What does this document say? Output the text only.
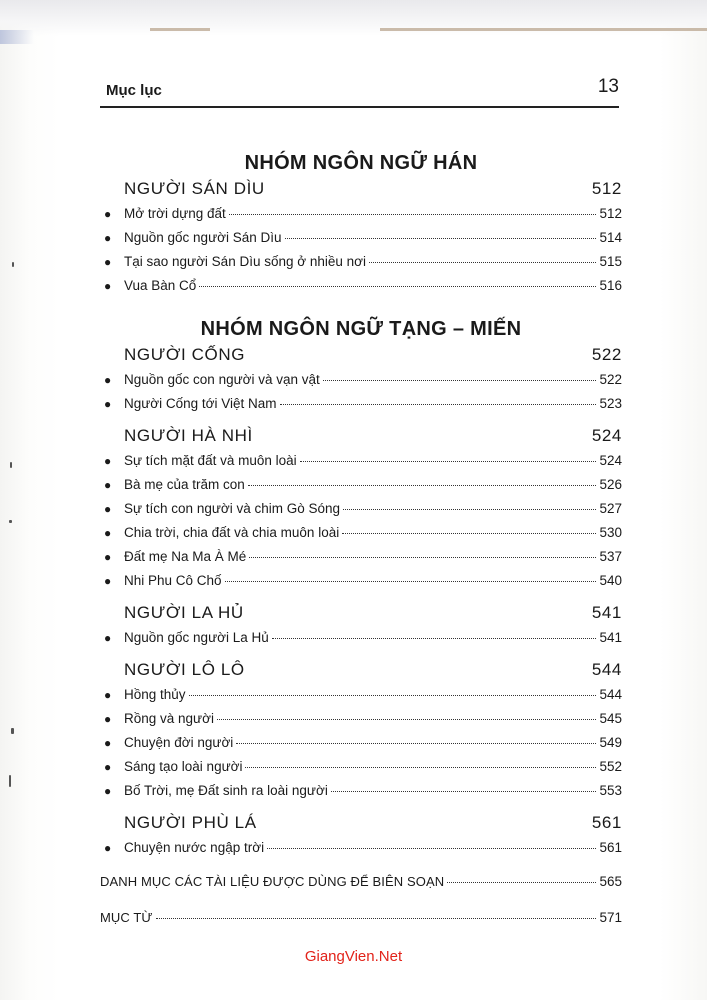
Mục lục	13
NHÓM NGÔN NGỮ HÁN
NGƯỜI SÁN DÌU	512
● Mở trời dựng đất	512
● Nguồn gốc người Sán Dìu	514
● Tại sao người Sán Dìu sống ở nhiều nơi	515
● Vua Bàn Cổ	516
NHÓM NGÔN NGỮ TẠNG – MIẾN
NGƯỜI CỐNG	522
● Nguồn gốc con người và vạn vật	522
● Người Cống tới Việt Nam	523
NGƯỜI HÀ NHÌ	524
● Sự tích mặt đất và muôn loài	524
● Bà mẹ của trăm con	526
● Sự tích con người và chim Gò Sóng	527
● Chia trời, chia đất và chia muôn loài	530
● Đất mẹ Na Ma À Mé	537
● Nhi Phu Cô Chố	540
NGƯỜI LA HỦ	541
● Nguồn gốc người La Hủ	541
NGƯỜI LÔ LÔ	544
● Hồng thủy	544
● Rồng và người	545
● Chuyện đời người	549
● Sáng tạo loài người	552
● Bố Trời, mẹ Đất sinh ra loài người	553
NGƯỜI PHÙ LÁ	561
● Chuyện nước ngập trời	561
DANH MỤC CÁC TÀI LIỆU ĐƯỢC DÙNG ĐỂ BIÊN SOẠN	565
MỤC TỪ	571
GiangVien.Net
